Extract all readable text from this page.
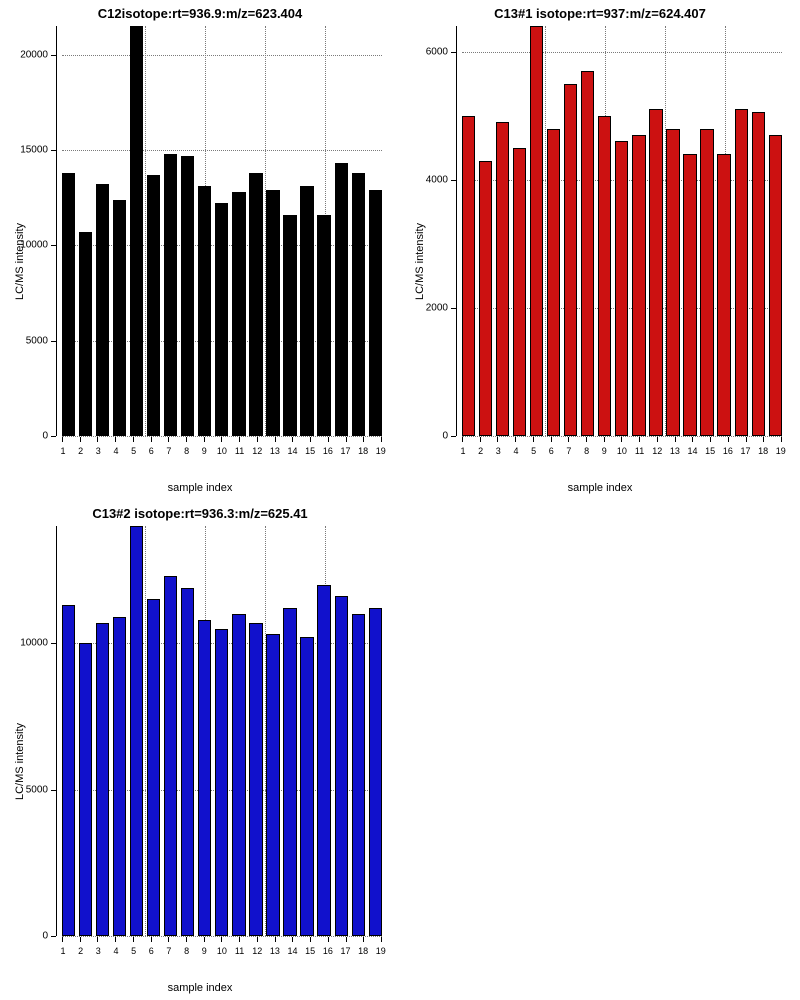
C12isotope:rt=936.9:m/z=623.404
LC/MS intensity
0
5000
10000
15000
20000
1	2	3	4	5	6	7	8	9	10 11 12 13 14 15 16 17 18 19
sample index
C13#1 isotope:rt=937:m/z=624.407
LC/MS intensity
0
2000
4000
6000
1	2	3	4	5	6	7	8	9	10 11 12 13 14 15 16 17 18 19
sample index
C13#2 isotope:rt=936.3:m/z=625.41
LC/MS intensity
0
5000
10000
1	2	3	4	5	6	7	8	9	10 11 12 13 14 15 16 17 18 19
sample index
